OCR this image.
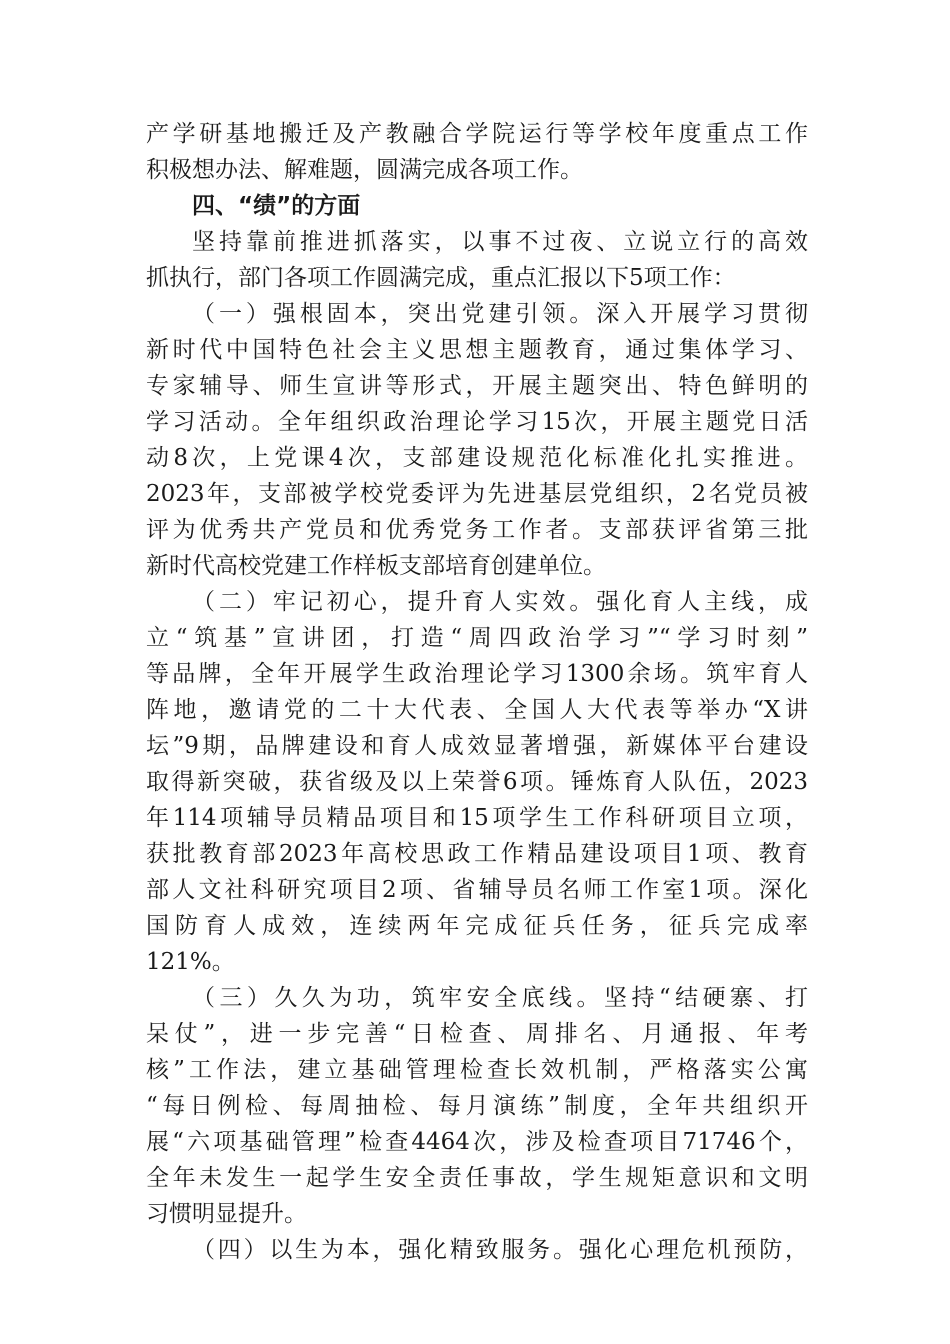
产学研基地搬迁及产教融合学院运行等学校年度重点工作
积极想办法、解难题，圆满完成各项工作。
四、“绩”的方面
坚持靠前推进抓落实，以事不过夜、立说立行的高效
抓执行，部门各项工作圆满完成，重点汇报以下5项工作：
（一）强根固本，突出党建引领。深入开展学习贯彻
新时代中国特色社会主义思想主题教育，通过集体学习、
专家辅导、师生宣讲等形式，开展主题突出、特色鲜明的
学习活动。全年组织政治理论学习15次，开展主题党日活
动8次，上党课4次，支部建设规范化标准化扎实推进。
2023年，支部被学校党委评为先进基层党组织，2名党员被
评为优秀共产党员和优秀党务工作者。支部获评省第三批
新时代高校党建工作样板支部培育创建单位。
（二）牢记初心，提升育人实效。强化育人主线，成
立“筑基”宣讲团，打造“周四政治学习”“学习时刻”
等品牌，全年开展学生政治理论学习1300余场。筑牢育人
阵地，邀请党的二十大代表、全国人大代表等举办“X讲
坛”9期，品牌建设和育人成效显著增强，新媒体平台建设
取得新突破，获省级及以上荣誉6项。锤炼育人队伍，2023
年114项辅导员精品项目和15项学生工作科研项目立项，
获批教育部2023年高校思政工作精品建设项目1项、教育
部人文社科研究项目2项、省辅导员名师工作室1项。深化
国防育人成效，连续两年完成征兵任务，征兵完成率
121%。
（三）久久为功，筑牢安全底线。坚持“结硬寨、打
呆仗”，进一步完善“日检查、周排名、月通报、年考
核”工作法，建立基础管理检查长效机制，严格落实公寓
“每日例检、每周抽检、每月演练”制度，全年共组织开
展“六项基础管理”检查4464次，涉及检查项目71746个，
全年未发生一起学生安全责任事故，学生规矩意识和文明
习惯明显提升。
（四）以生为本，强化精致服务。强化心理危机预防，
